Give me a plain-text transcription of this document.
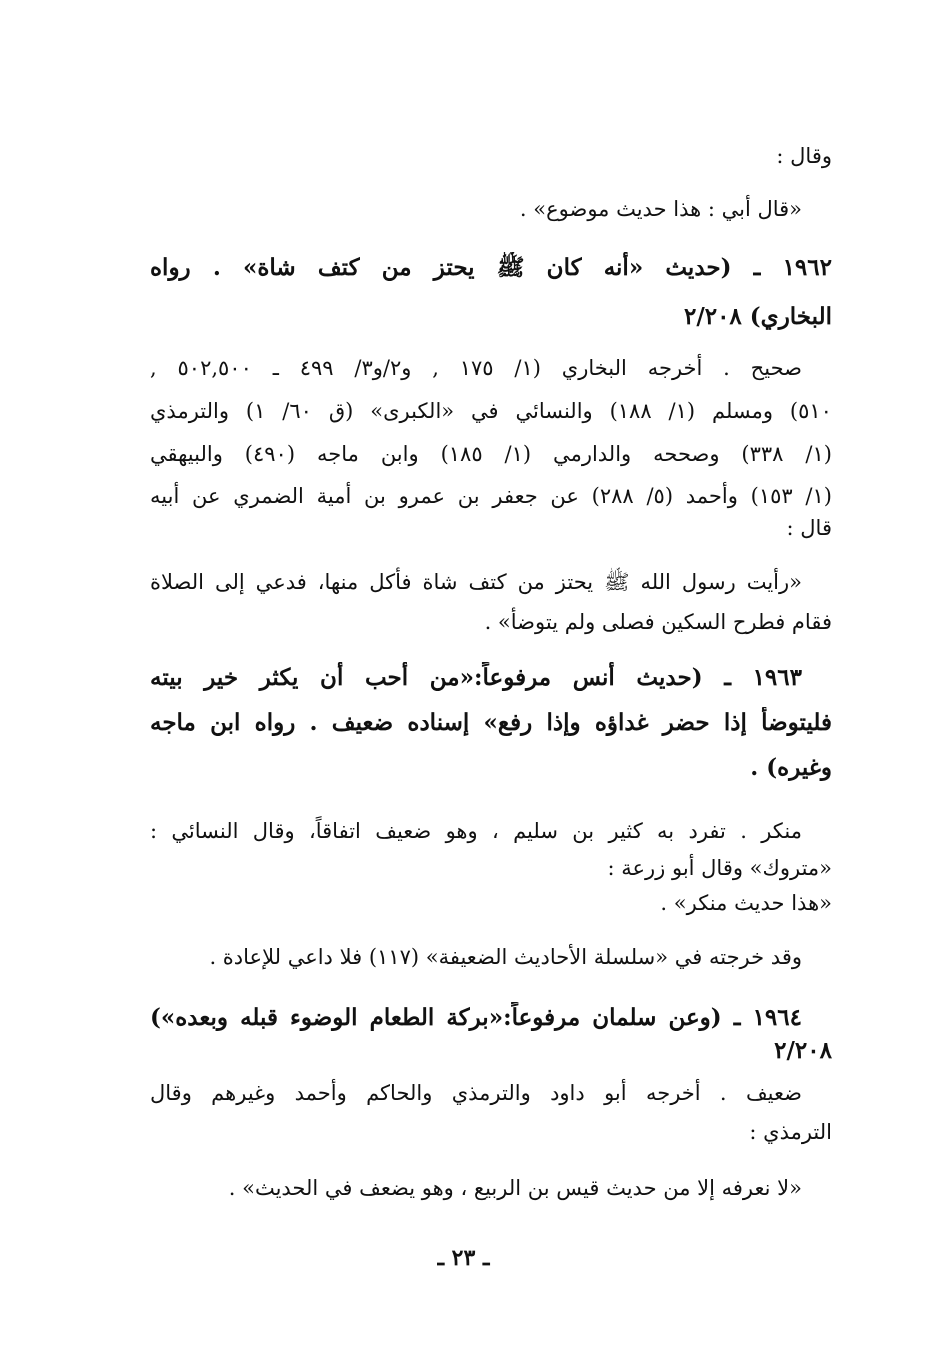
وقال :
«قال أبي : هذا حديث موضوع» .
١٩٦٢ ـ (حديث «أنه كان ﷺ يحتز من كتف شاة» . رواه
البخاري) ٢/٢٠٨
صحيح . أخرجه البخاري (١/ ١٧٥ , و٢/و٣/ ٤٩٩ ـ ٥٠٢,٥٠٠ ,
٥١٠) ومسلم (١/ ١٨٨) والنسائي في «الكبرى» (ق ٦٠/ ١) والترمذي
(١/ ٣٣٨) وصححه والدارمي (١/ ١٨٥) وابن ماجه (٤٩٠) والبيهقي
(١/ ١٥٣) وأحمد (٥/ ٢٨٨) عن جعفر بن عمرو بن أمية الضمري عن أبيه
قال :
«رأيت رسول الله ﷺ يحتز من كتف شاة فأكل منها، فدعي إلى الصلاة
فقام فطرح السكين فصلى ولم يتوضأ» .
١٩٦٣ ـ (حديث أنس مرفوعاً:«من أحب أن يكثر خير بيته
فليتوضأ إذا حضر غداؤه وإذا رفع» إسناده ضعيف . رواه ابن ماجه
وغيره) .
منكر . تفرد به كثير بن سليم ، وهو ضعيف اتفاقاً، وقال النسائي :
«متروك» وقال أبو زرعة :
«هذا حديث منكر» .
وقد خرجته في «سلسلة الأحاديث الضعيفة» (١١٧) فلا داعي للإعادة .
١٩٦٤ ـ (وعن سلمان مرفوعاً:«بركة الطعام الوضوء قبله وبعده»)
٢/٢٠٨
ضعيف . أخرجه أبو داود والترمذي والحاكم وأحمد وغيرهم وقال
الترمذي :
«لا نعرفه إلا من حديث قيس بن الربيع ، وهو يضعف في الحديث» .
ـ ٢٣ ـ
